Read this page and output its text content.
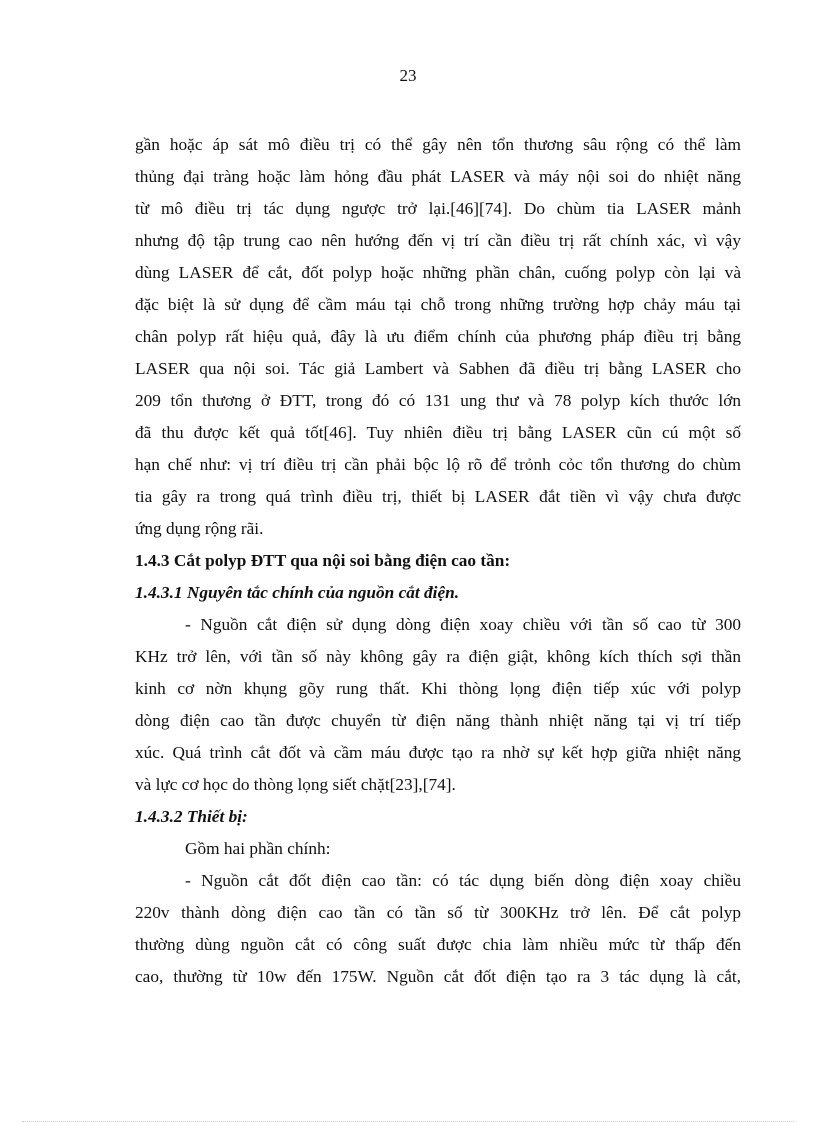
23
gần hoặc áp sát mô điều trị có thể gây nên tổn thương sâu rộng có thể làm
thủng đại tràng hoặc làm hỏng đầu phát LASER và máy nội soi do nhiệt năng
từ mô điều trị tác dụng ngược trở lại.[46][74]. Do chùm tia LASER mảnh
nhưng độ tập trung cao nên hướng đến vị trí cần điều trị rất chính xác, vì vậy
dùng LASER để cắt, đốt polyp hoặc những phần chân, cuống polyp còn lại và
đặc biệt là sử dụng để cầm máu tại chỗ trong những trường hợp chảy máu tại
chân polyp rất hiệu quả, đây là ưu điểm chính của phương pháp điều trị bằng
LASER qua nội soi. Tác giả Lambert và Sabhen đã điều trị bằng LASER cho
209 tổn thương ở ĐTT, trong đó có 131 ung thư và 78 polyp kích thước lớn
đã thu được kết quả tốt[46]. Tuy nhiên điều trị bằng LASER cũn cú một số
hạn chế như: vị trí điều trị cần phải bộc lộ rõ để trỏnh cỏc tổn thương do chùm
tia gây ra trong quá trình điều trị, thiết bị LASER đắt tiền vì vậy chưa được
ứng dụng rộng rãi.
1.4.3 Cắt polyp ĐTT qua nội soi bằng điện cao tần:
1.4.3.1 Nguyên tắc chính của nguồn cắt điện.
- Nguồn cắt điện sử dụng dòng điện xoay chiều với tần số cao từ 300
KHz trở lên, với tần số này không gây ra điện giật, không kích thích sợi thần
kinh cơ nờn khụng gõy rung thất. Khi thòng lọng điện tiếp xúc với polyp
dòng điện cao tần được chuyển từ điện năng thành nhiệt năng tại vị trí tiếp
xúc. Quá trình cắt đốt và cầm máu được tạo ra nhờ sự kết hợp giữa nhiệt năng
và lực cơ học do thòng lọng siết chặt[23],[74].
1.4.3.2 Thiết bị:
Gồm hai phần chính:
- Nguồn cắt đốt điện cao tần: có tác dụng biến dòng điện xoay chiều
220v thành dòng điện cao tần có tần số từ 300KHz trở lên. Để cắt polyp
thường dùng nguồn cắt có công suất được chia làm nhiều mức từ thấp đến
cao, thường từ 10w đến 175W. Nguồn cắt đốt điện tạo ra 3 tác dụng là cắt,
